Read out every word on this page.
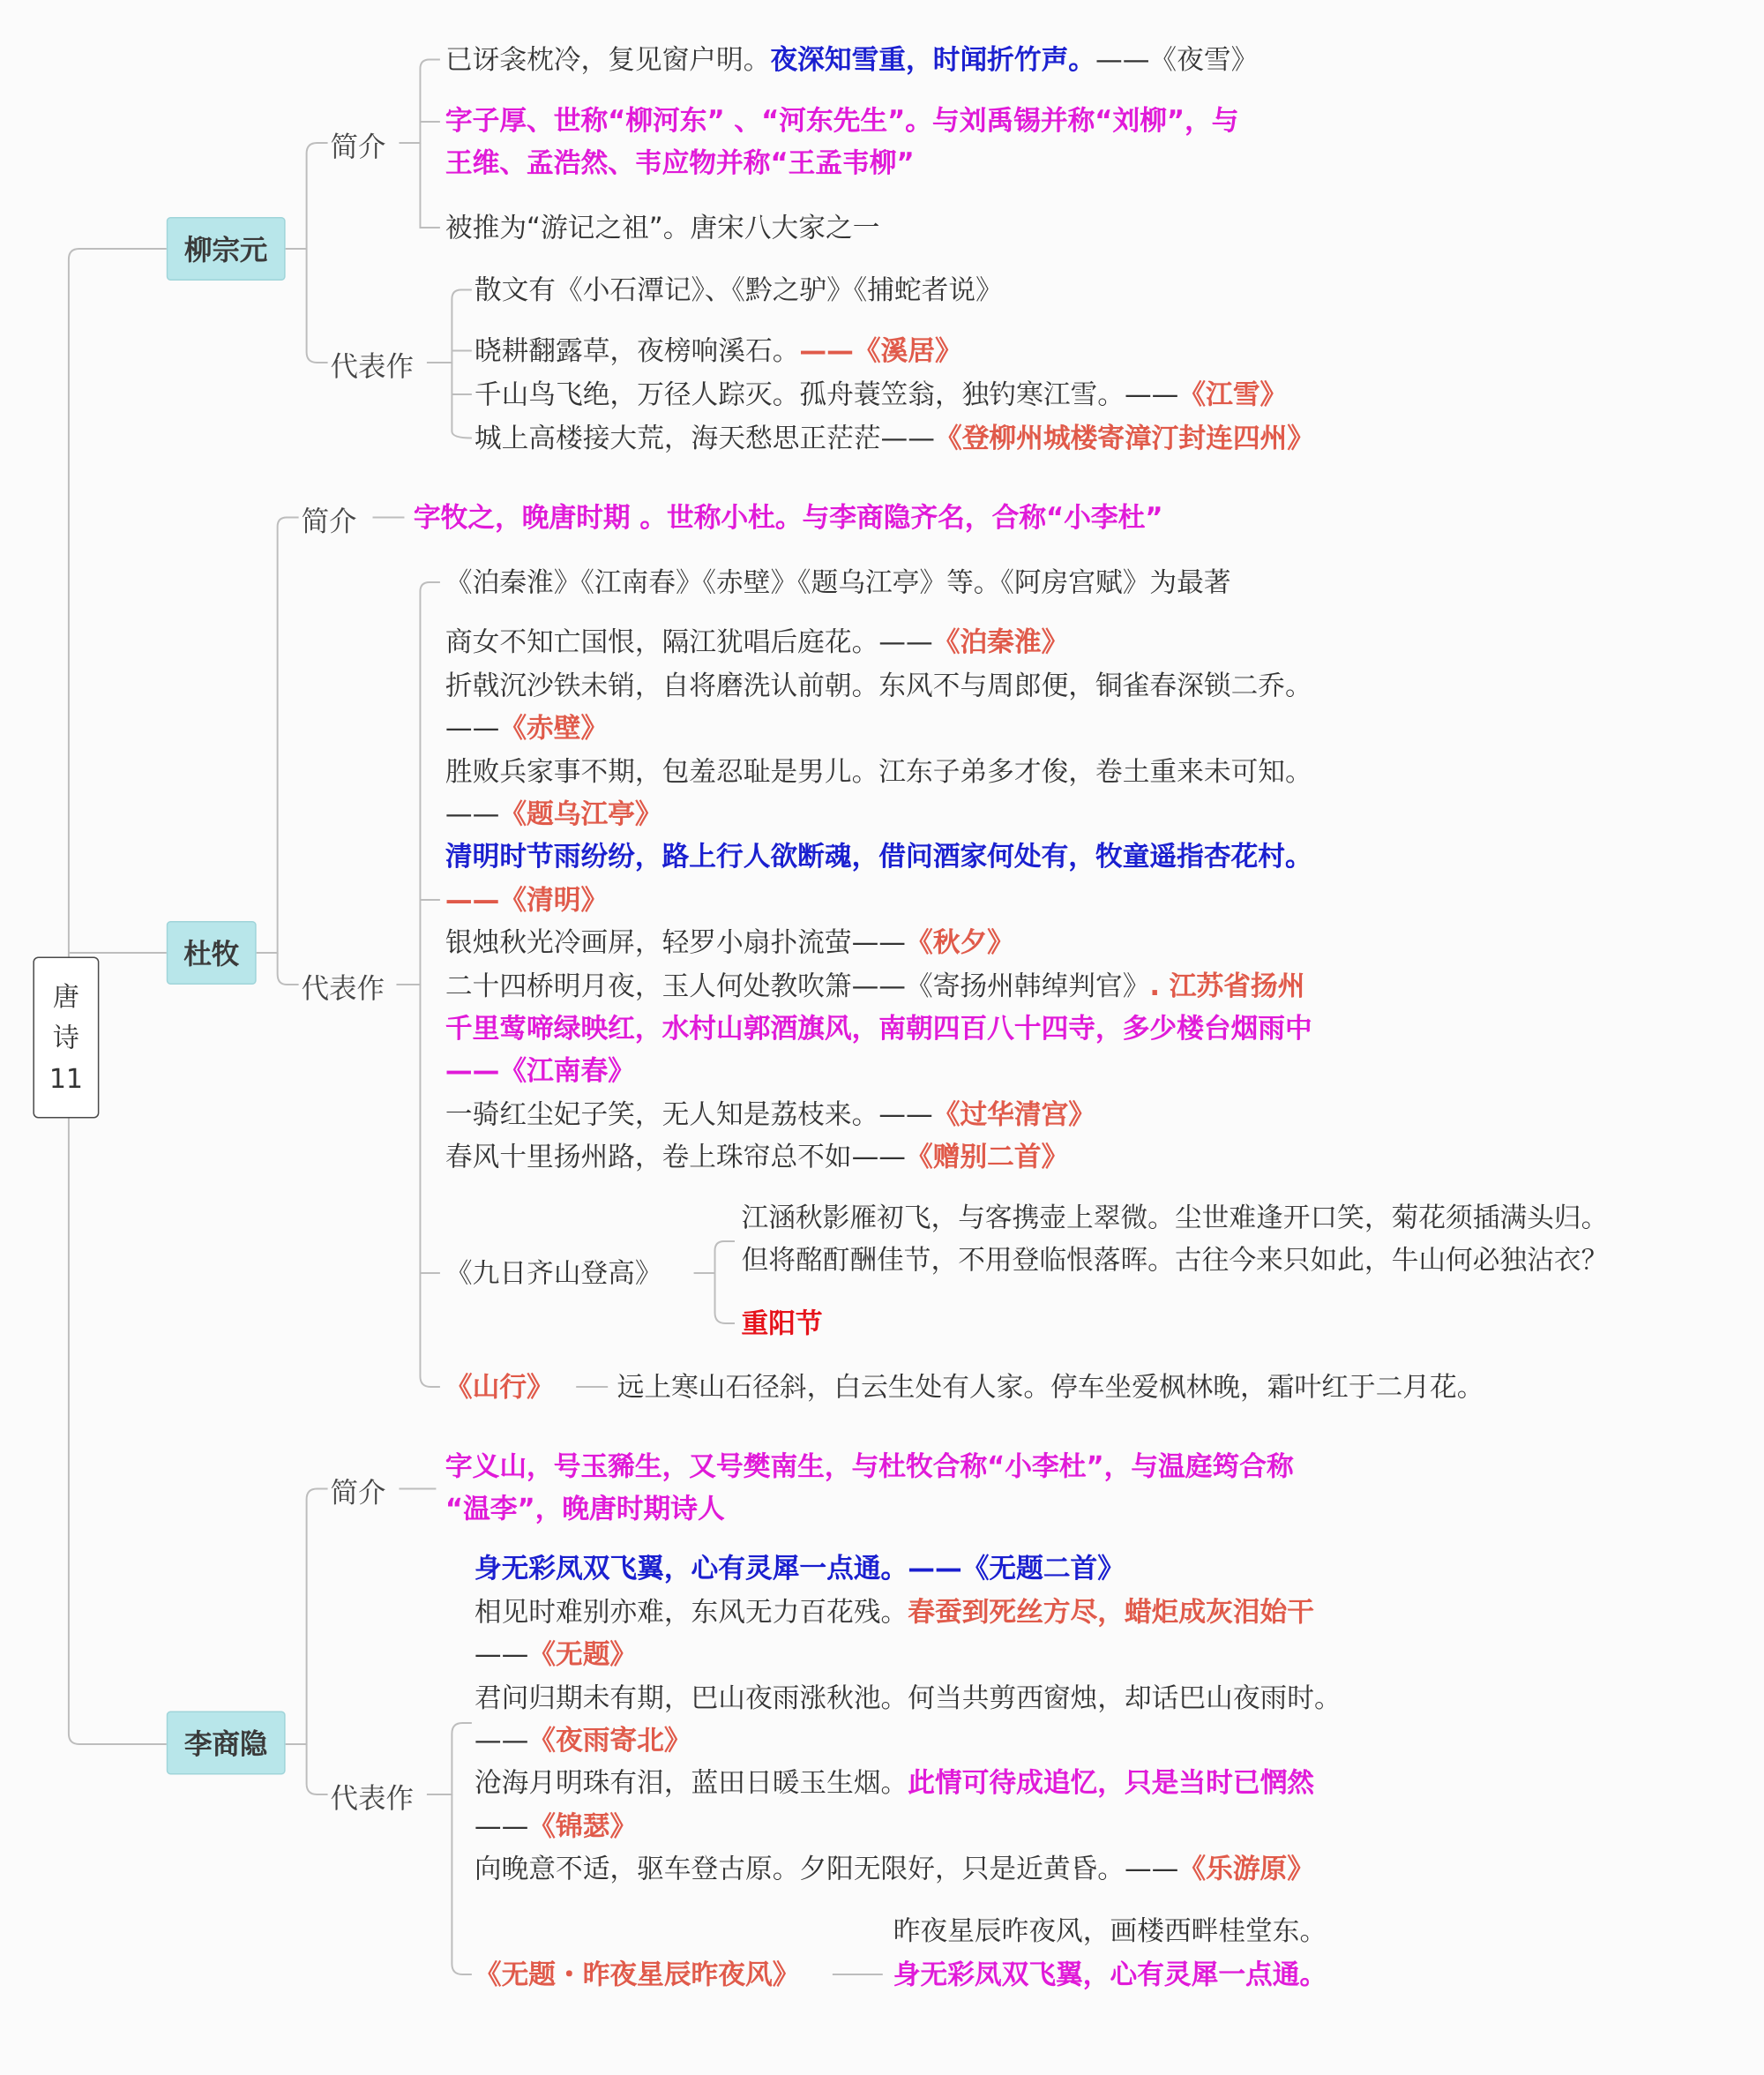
唐
诗
11
柳宗元
简介
代表作
已讶衾枕冷，复见窗户明。夜深知雪重，时闻折竹声。——《夜雪》
字子厚、世称“柳河东” 、“河东先生”。与刘禹锡并称“刘柳”，与
王维、孟浩然、韦应物并称“王孟韦柳”
被推为“游记之祖”。唐宋八大家之一
散文有《小石潭记》、《黔之驴》《捕蛇者说》
晓耕翻露草，夜榜响溪石。——《溪居》
千山鸟飞绝，万径人踪灭。孤舟蓑笠翁，独钓寒江雪。——《江雪》
城上高楼接大荒，海天愁思正茫茫——《登柳州城楼寄漳汀封连四州》
杜牧
简介
代表作
字牧之，晚唐时期 。世称小杜。与李商隐齐名，合称“小李杜”
《泊秦淮》《江南春》《赤壁》《题乌江亭》等。《阿房宫赋》为最著
商女不知亡国恨，隔江犹唱后庭花。——《泊秦淮》
折戟沉沙铁未销，自将磨洗认前朝。东风不与周郎便，铜雀春深锁二乔。
——《赤壁》
胜败兵家事不期，包羞忍耻是男儿。江东子弟多才俊，卷土重来未可知。
——《题乌江亭》
清明时节雨纷纷，路上行人欲断魂，借问酒家何处有，牧童遥指杏花村。
——《清明》
银烛秋光冷画屏，轻罗小扇扑流萤——《秋夕》
二十四桥明月夜，玉人何处教吹箫——《寄扬州韩绰判官》. 江苏省扬州
千里莺啼绿映红，水村山郭酒旗风，南朝四百八十四寺，多少楼台烟雨中
——《江南春》
一骑红尘妃子笑，无人知是荔枝来。——《过华清宫》
春风十里扬州路，卷上珠帘总不如——《赠别二首》
《九日齐山登高》
江涵秋影雁初飞，与客携壶上翠微。尘世难逢开口笑，菊花须插满头归。
但将酩酊酬佳节，不用登临恨落晖。古往今来只如此，牛山何必独沾衣？
重阳节
《山行》	远上寒山石径斜，白云生处有人家。停车坐爱枫林晚，霜叶红于二月花。
李商隐
简介
代表作
字义山，号玉豨生，又号樊南生，与杜牧合称“小李杜”，与温庭筠合称
“温李”，晚唐时期诗人
身无彩凤双飞翼，心有灵犀一点通。——《无题二首》
相见时难别亦难，东风无力百花残。春蚕到死丝方尽，蜡炬成灰泪始干
——《无题》
君问归期未有期，巴山夜雨涨秋池。何当共剪西窗烛，却话巴山夜雨时。
——《夜雨寄北》
沧海月明珠有泪，蓝田日暖玉生烟。此情可待成追忆，只是当时已惘然
——《锦瑟》
向晚意不适，驱车登古原。夕阳无限好，只是近黄昏。——《乐游原》
《无题・昨夜星辰昨夜风》
昨夜星辰昨夜风，画楼西畔桂堂东。
身无彩凤双飞翼，心有灵犀一点通。
